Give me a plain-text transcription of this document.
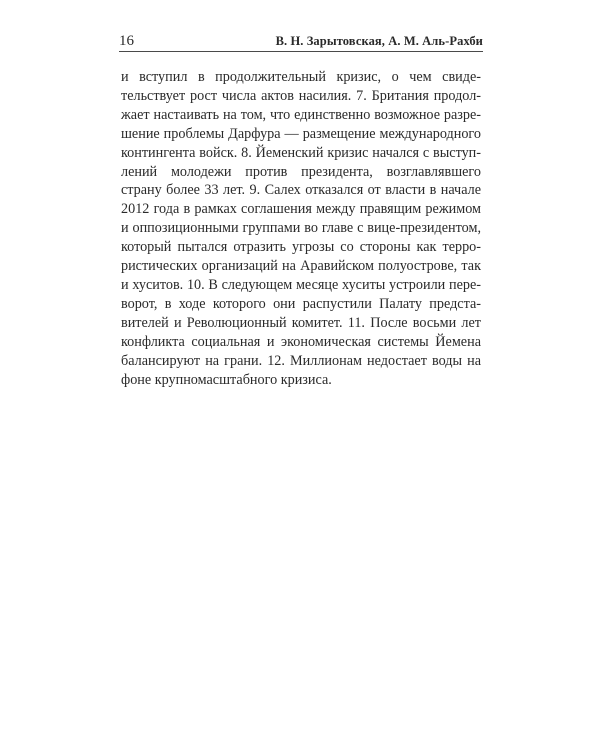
16	В. Н. Зарытовская, А. М. Аль-Рахби
и вступил в продолжительный кризис, о чем свиде-
тельствует рост числа актов насилия. 7. Британия продол-
жает настаивать на том, что единственно возможное разре-
шение проблемы Дарфура — размещение международного
контингента войск. 8. Йеменский кризис начался с выступ-
лений молодежи против президента, возглавлявшего
страну более 33 лет. 9. Салех отказался от власти в начале
2012 года в рамках соглашения между правящим режимом
и оппозиционными группами во главе с вице-президентом,
который пытался отразить угрозы со стороны как терро-
ристических организаций на Аравийском полуострове, так
и хуситов. 10. В следующем месяце хуситы устроили пере-
ворот, в ходе которого они распустили Палату предста-
вителей и Революционный комитет. 11. После восьми лет
конфликта социальная и экономическая системы Йемена
балансируют на грани. 12. Миллионам недостает воды на
фоне крупномасштабного кризиса.
